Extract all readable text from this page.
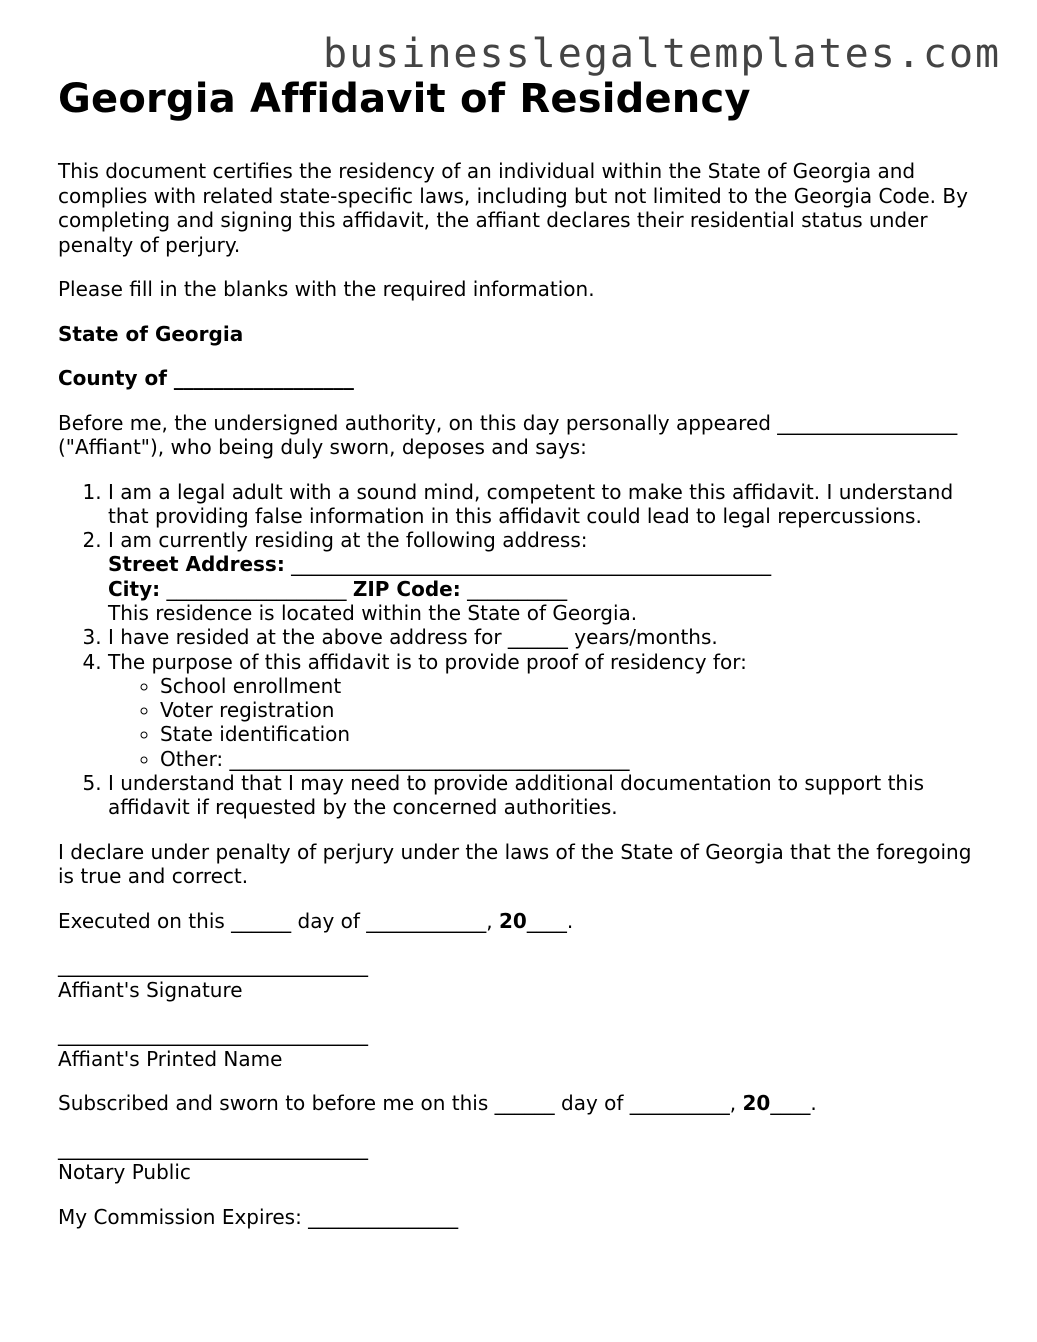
businesslegaltemplates.com
Georgia Affidavit of Residency

This document certifies the residency of an individual within the State of Georgia and complies with related state-specific laws, including but not limited to the Georgia Code. By completing and signing this affidavit, the affiant declares their residential status under penalty of perjury.

Please fill in the blanks with the required information.

State of Georgia

County of __________________

Before me, the undersigned authority, on this day personally appeared __________________ ("Affiant"), who being duly sworn, deposes and says:

1. I am a legal adult with a sound mind, competent to make this affidavit. I understand that providing false information in this affidavit could lead to legal repercussions.
2. I am currently residing at the following address:
Street Address: ________________________________________________
City: __________________ ZIP Code: __________
This residence is located within the State of Georgia.
3. I have resided at the above address for ______ years/months.
4. The purpose of this affidavit is to provide proof of residency for:
◦ School enrollment
◦ Voter registration
◦ State identification
◦ Other: ________________________________________
5. I understand that I may need to provide additional documentation to support this affidavit if requested by the concerned authorities.

I declare under penalty of perjury under the laws of the State of Georgia that the foregoing is true and correct.

Executed on this ______ day of ____________, 20____.

_______________________________

Affiant's Signature

_______________________________

Affiant's Printed Name

Subscribed and sworn to before me on this ______ day of __________, 20____.

_______________________________

Notary Public

My Commission Expires: _______________
